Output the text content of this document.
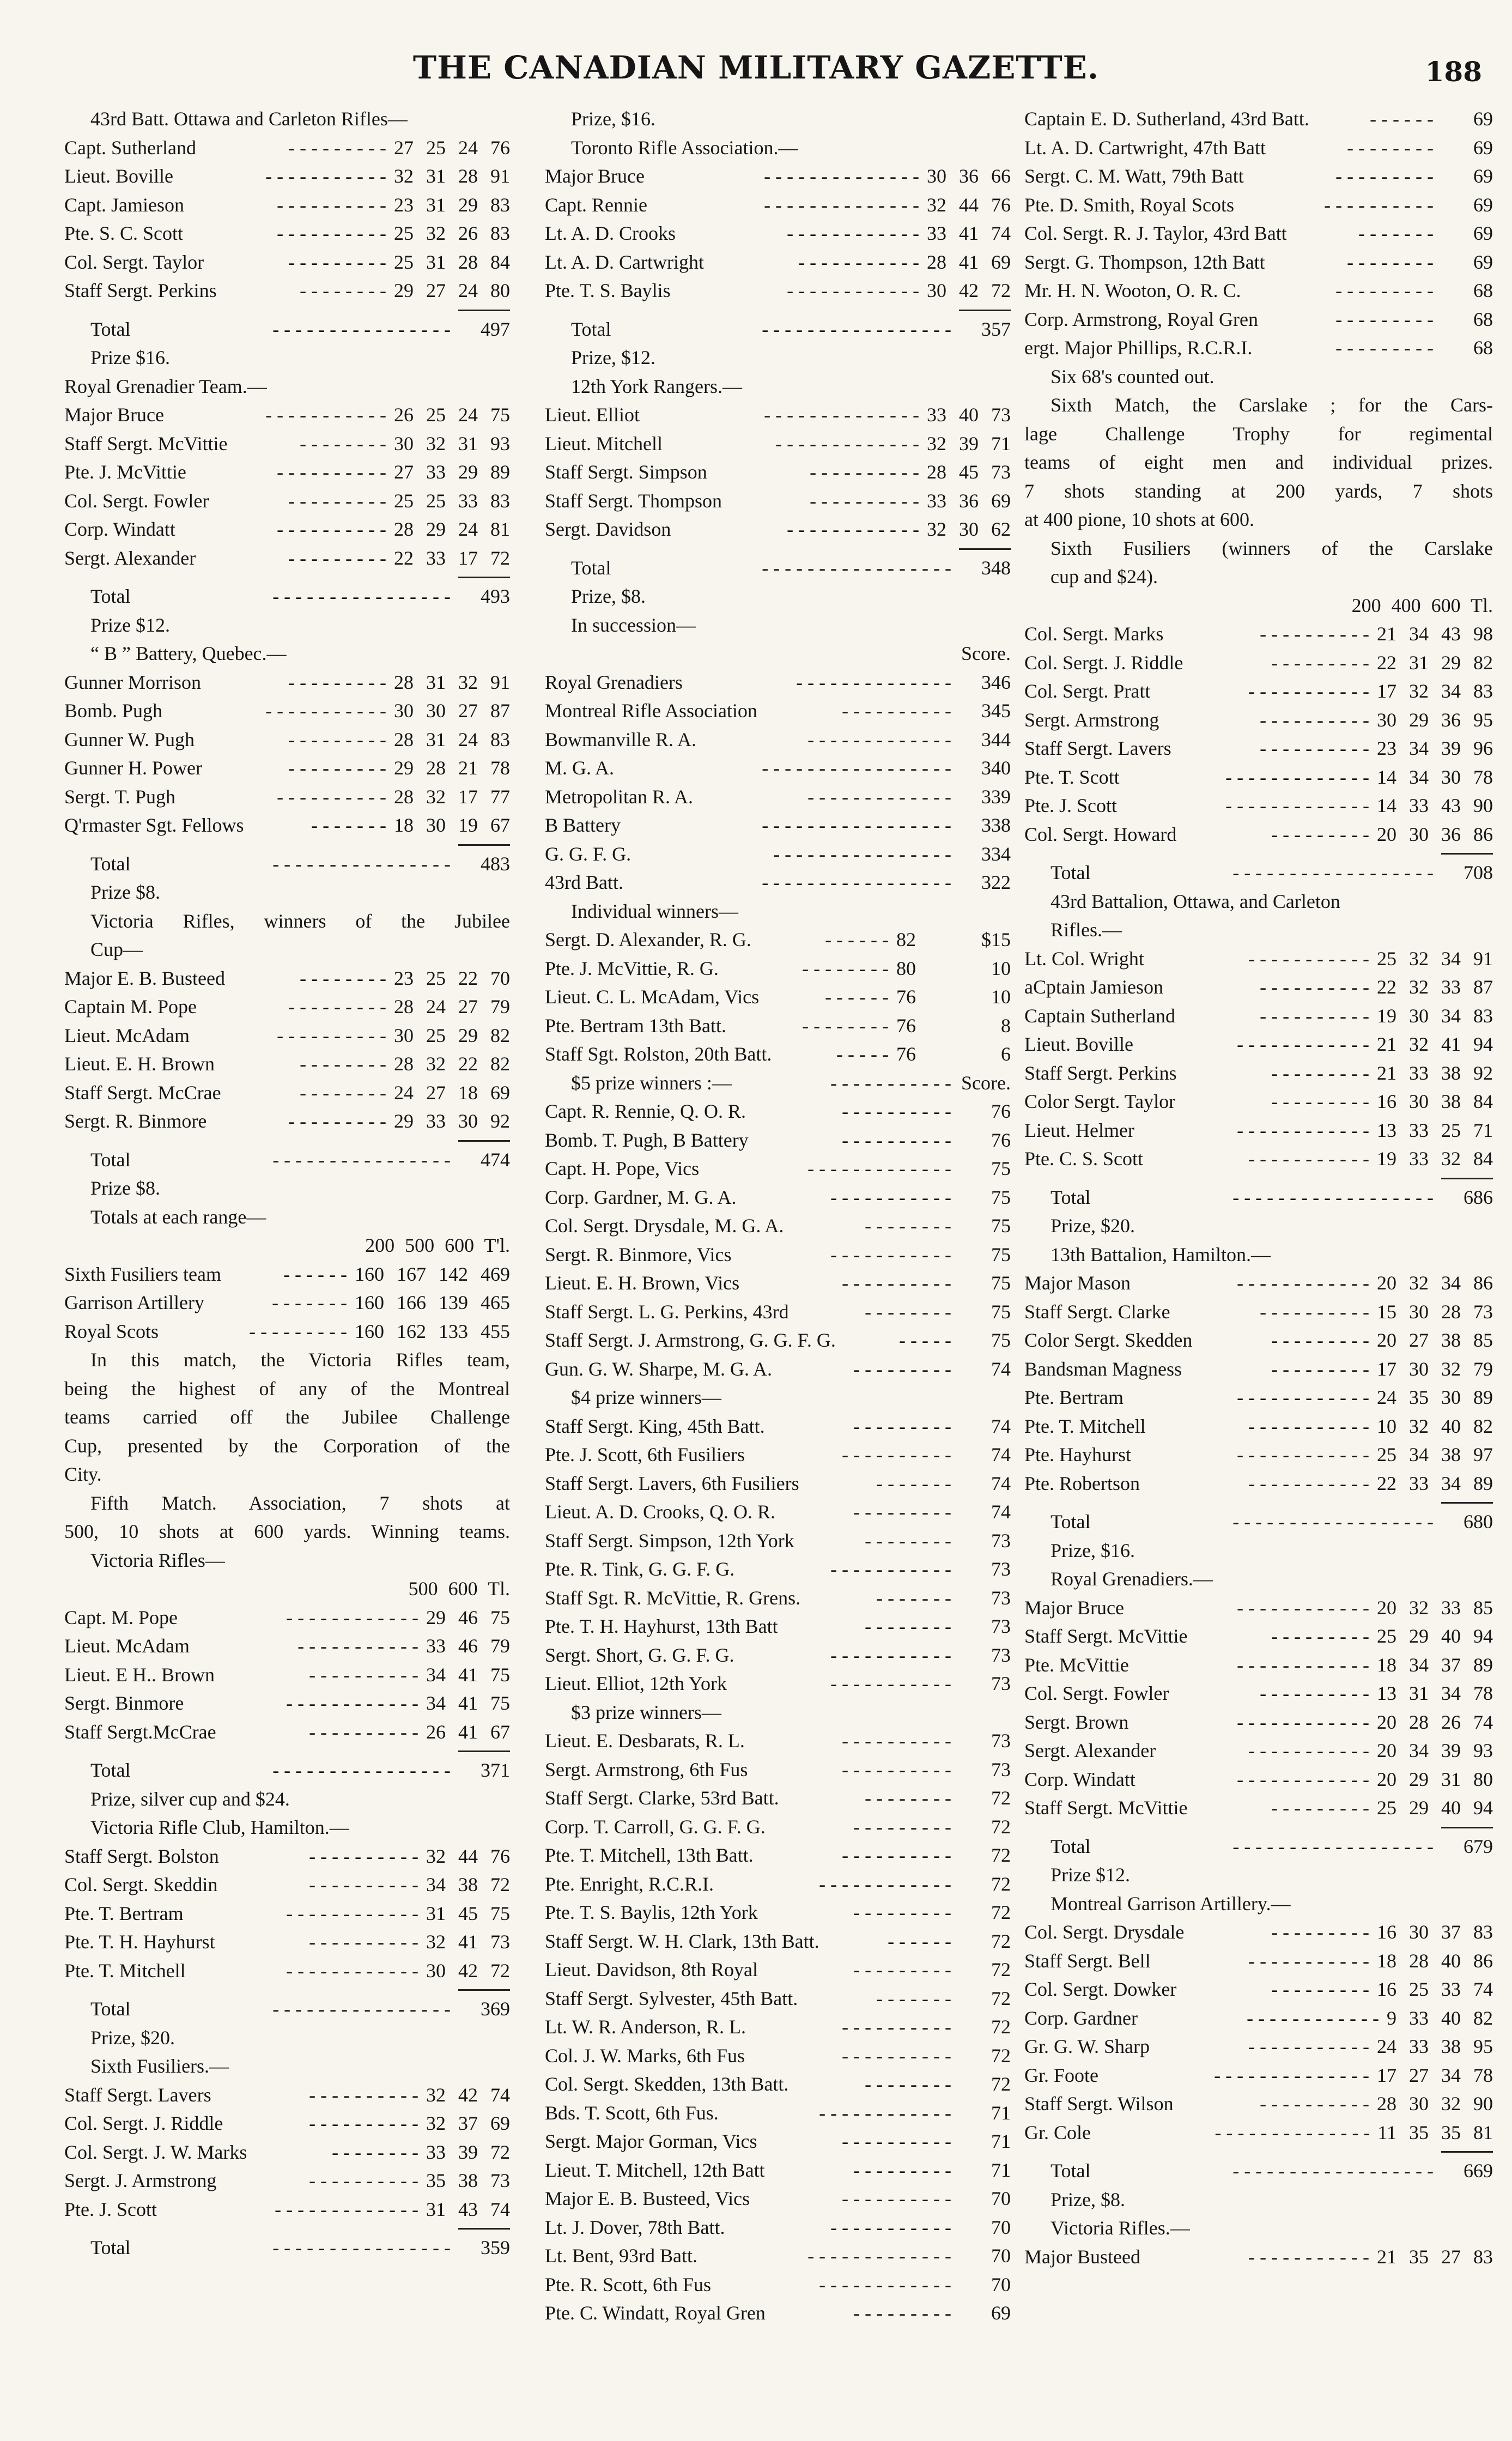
THE CANADIAN MILITARY GAZETTE.	188
43rd Batt. Ottawa and Carleton Rifles—
Capt. Sutherland	- - - - - - - - - 27 25 24 76
Lieut. Boville	- - - - - - - - - - - 32 31 28 91
Capt. Jamieson	- - - - - - - - - - 23 31 29 83
Pte. S. C. Scott	- - - - - - - - - - 25 32 26 83
Col. Sergt. Taylor	- - - - - - - - - 25 31 28 84
Staff Sergt. Perkins	- - - - - - - - 29 27 24 80
Total	- - - - - - - - - - - - - - - -	497
Prize $16.
Royal Grenadier Team.—
Major Bruce	- - - - - - - - - - - 26 25 24 75
Staff Sergt. McVittie	- - - - - - - - 30 32 31 93
Pte. J. McVittie	- - - - - - - - - - 27 33 29 89
Col. Sergt. Fowler	- - - - - - - - - 25 25 33 83
Corp. Windatt	- - - - - - - - - - 28 29 24 81
Sergt. Alexander	- - - - - - - - - 22 33 17 72
Total	- - - - - - - - - - - - - - - -	493
Prize $12.
“ B ” Battery, Quebec.—
Gunner Morrison	- - - - - - - - - 28 31 32 91
Bomb. Pugh	- - - - - - - - - - - 30 30 27 87
Gunner W. Pugh	- - - - - - - - - 28 31 24 83
Gunner H. Power	- - - - - - - - - 29 28 21 78
Sergt. T. Pugh	- - - - - - - - - - 28 32 17 77
Q'rmaster Sgt. Fellows	- - - - - - - 18 30 19 67
Total	- - - - - - - - - - - - - - - -	483
Prize $8.
Victoria Rifles, winners of the Jubilee
Cup—
Major E. B. Busteed	- - - - - - - - 23 25 22 70
Captain M. Pope	- - - - - - - - - 28 24 27 79
Lieut. McAdam	- - - - - - - - - - 30 25 29 82
Lieut. E. H. Brown	- - - - - - - - 28 32 22 82
Staff Sergt. McCrae	- - - - - - - - 24 27 18 69
Sergt. R. Binmore	- - - - - - - - - 29 33 30 92
Total	- - - - - - - - - - - - - - - -	474
Prize $8.
Totals at each range—
200 500 600 T'l.
Sixth Fusiliers team	- - - - - - 160 167 142 469
Garrison Artillery	- - - - - - - 160 166 139 465
Royal Scots	- - - - - - - - - 160 162 133 455
In this match, the Victoria Rifles team,
being the highest of any of the Montreal
teams carried off the Jubilee Challenge
Cup, presented by the Corporation of the
City.
Fifth Match. Association, 7 shots at
500, 10 shots at 600 yards. Winning teams.
Victoria Rifles—
500 600 Tl.
Capt. M. Pope	- - - - - - - - - - - - 29 46 75
Lieut. McAdam	- - - - - - - - - - - 33 46 79
Lieut. E H.. Brown	- - - - - - - - - - 34 41 75
Sergt. Binmore	- - - - - - - - - - - - 34 41 75
Staff Sergt.McCrae	- - - - - - - - - - 26 41 67
Total	- - - - - - - - - - - - - - - -	371
Prize, silver cup and $24.
Victoria Rifle Club, Hamilton.—
Staff Sergt. Bolston	- - - - - - - - - - 32 44 76
Col. Sergt. Skeddin	- - - - - - - - - - 34 38 72
Pte. T. Bertram	- - - - - - - - - - - - 31 45 75
Pte. T. H. Hayhurst	- - - - - - - - - - 32 41 73
Pte. T. Mitchell	- - - - - - - - - - - - 30 42 72
Total	- - - - - - - - - - - - - - - -	369
Prize, $20.
Sixth Fusiliers.—
Staff Sergt. Lavers	- - - - - - - - - - 32 42 74
Col. Sergt. J. Riddle	- - - - - - - - - - 32 37 69
Col. Sergt. J. W. Marks	- - - - - - - - 33 39 72
Sergt. J. Armstrong	- - - - - - - - - - 35 38 73
Pte. J. Scott	- - - - - - - - - - - - - 31 43 74
Total	- - - - - - - - - - - - - - - -	359
Prize, $16.
Toronto Rifle Association.—
Major Bruce	- - - - - - - - - - - - - - 30 36 66
Capt. Rennie	- - - - - - - - - - - - - - 32 44 76
Lt. A. D. Crooks	- - - - - - - - - - - - 33 41 74
Lt. A. D. Cartwright	- - - - - - - - - - - 28 41 69
Pte. T. S. Baylis	- - - - - - - - - - - - 30 42 72
Total	- - - - - - - - - - - - - - - - -	357
Prize, $12.
12th York Rangers.—
Lieut. Elliot	- - - - - - - - - - - - - - 33 40 73
Lieut. Mitchell	- - - - - - - - - - - - - 32 39 71
Staff Sergt. Simpson	- - - - - - - - - - 28 45 73
Staff Sergt. Thompson	- - - - - - - - - - 33 36 69
Sergt. Davidson	- - - - - - - - - - - - 32 30 62
Total	- - - - - - - - - - - - - - - - -	348
Prize, $8.
In succession—
Score.
Royal Grenadiers	- - - - - - - - - - - - - -	346
Montreal Rifle Association	- - - - - - - - - -	345
Bowmanville R. A.	- - - - - - - - - - - - -	344
M. G. A.	- - - - - - - - - - - - - - - - -	340
Metropolitan R. A.	- - - - - - - - - - - - -	339
B Battery	- - - - - - - - - - - - - - - - -	338
G. G. F. G.	- - - - - - - - - - - - - - - -	334
43rd Batt.	- - - - - - - - - - - - - - - - -	322
Individual winners—
Sergt. D. Alexander, R. G.	- - - - - - 82	$15
Pte. J. McVittie, R. G.	- - - - - - - - 80	10
Lieut. C. L. McAdam, Vics	- - - - - - 76	10
Pte. Bertram 13th Batt.	- - - - - - - - 76	8
Staff Sgt. Rolston, 20th Batt.	- - - - - 76	6
$5 prize winners :—	- - - - - - - - - - - Score.
Capt. R. Rennie, Q. O. R.	- - - - - - - - - -	76
Bomb. T. Pugh, B Battery	- - - - - - - - - -	76
Capt. H. Pope, Vics	- - - - - - - - - - - - -	75
Corp. Gardner, M. G. A.	- - - - - - - - - - -	75
Col. Sergt. Drysdale, M. G. A.	- - - - - - - -	75
Sergt. R. Binmore, Vics	- - - - - - - - - - -	75
Lieut. E. H. Brown, Vics	- - - - - - - - - -	75
Staff Sergt. L. G. Perkins, 43rd	- - - - - - - -	75
Staff Sergt. J. Armstrong, G. G. F. G.	- - - - -	75
Gun. G. W. Sharpe, M. G. A.	- - - - - - - - -	74
$4 prize winners—
Staff Sergt. King, 45th Batt.	- - - - - - - - -	74
Pte. J. Scott, 6th Fusiliers	- - - - - - - - - -	74
Staff Sergt. Lavers, 6th Fusiliers	- - - - - - -	74
Lieut. A. D. Crooks, Q. O. R.	- - - - - - - - -	74
Staff Sergt. Simpson, 12th York	- - - - - - - -	73
Pte. R. Tink, G. G. F. G.	- - - - - - - - - - -	73
Staff Sgt. R. McVittie, R. Grens.	- - - - - - -	73
Pte. T. H. Hayhurst, 13th Batt	- - - - - - - -	73
Sergt. Short, G. G. F. G.	- - - - - - - - - - -	73
Lieut. Elliot, 12th York	- - - - - - - - - - -	73
$3 prize winners—
Lieut. E. Desbarats, R. L.	- - - - - - - - - -	73
Sergt. Armstrong, 6th Fus	- - - - - - - - - -	73
Staff Sergt. Clarke, 53rd Batt.	- - - - - - - -	72
Corp. T. Carroll, G. G. F. G.	- - - - - - - - -	72
Pte. T. Mitchell, 13th Batt.	- - - - - - - - - -	72
Pte. Enright, R.C.R.I.	- - - - - - - - - - - -	72
Pte. T. S. Baylis, 12th York	- - - - - - - - -	72
Staff Sergt. W. H. Clark, 13th Batt.	- - - - - -	72
Lieut. Davidson, 8th Royal	- - - - - - - - -	72
Staff Sergt. Sylvester, 45th Batt.	- - - - - - -	72
Lt. W. R. Anderson, R. L.	- - - - - - - - - -	72
Col. J. W. Marks, 6th Fus	- - - - - - - - - -	72
Col. Sergt. Skedden, 13th Batt.	- - - - - - - -	72
Bds. T. Scott, 6th Fus.	- - - - - - - - - - - -	71
Sergt. Major Gorman, Vics	- - - - - - - - - -	71
Lieut. T. Mitchell, 12th Batt	- - - - - - - - -	71
Major E. B. Busteed, Vics	- - - - - - - - - -	70
Lt. J. Dover, 78th Batt.	- - - - - - - - - - -	70
Lt. Bent, 93rd Batt.	- - - - - - - - - - - - -	70
Pte. R. Scott, 6th Fus	- - - - - - - - - - - -	70
Pte. C. Windatt, Royal Gren	- - - - - - - - -	69
Captain E. D. Sutherland, 43rd Batt.	- - - - - -	69
Lt. A. D. Cartwright, 47th Batt	- - - - - - - -	69
Sergt. C. M. Watt, 79th Batt	- - - - - - - - -	69
Pte. D. Smith, Royal Scots	- - - - - - - - - -	69
Col. Sergt. R. J. Taylor, 43rd Batt	- - - - - - -	69
Sergt. G. Thompson, 12th Batt	- - - - - - - -	69
Mr. H. N. Wooton, O. R. C.	- - - - - - - - -	68
Corp. Armstrong, Royal Gren	- - - - - - - - -	68
ergt. Major Phillips, R.C.R.I.	- - - - - - - - -	68
Six 68's counted out.
Sixth Match, the Carslake ; for the Cars-
lage Challenge Trophy for regimental
teams of eight men and individual prizes.
7 shots standing at 200 yards, 7 shots
at 400 pione, 10 shots at 600.
Sixth Fusiliers (winners of the Carslake
cup and $24).
200 400 600 Tl.
Col. Sergt. Marks	- - - - - - - - - - 21 34 43 98
Col. Sergt. J. Riddle	- - - - - - - - - 22 31 29 82
Col. Sergt. Pratt	- - - - - - - - - - - 17 32 34 83
Sergt. Armstrong	- - - - - - - - - - 30 29 36 95
Staff Sergt. Lavers	- - - - - - - - - - 23 34 39 96
Pte. T. Scott	- - - - - - - - - - - - - 14 34 30 78
Pte. J. Scott	- - - - - - - - - - - - - 14 33 43 90
Col. Sergt. Howard	- - - - - - - - - 20 30 36 86
Total	- - - - - - - - - - - - - - - - - -	708
43rd Battalion, Ottawa, and Carleton
Rifles.—
Lt. Col. Wright	- - - - - - - - - - - 25 32 34 91
aCptain Jamieson	- - - - - - - - - - 22 32 33 87
Captain Sutherland	- - - - - - - - - - 19 30 34 83
Lieut. Boville	- - - - - - - - - - - - 21 32 41 94
Staff Sergt. Perkins	- - - - - - - - - 21 33 38 92
Color Sergt. Taylor	- - - - - - - - - 16 30 38 84
Lieut. Helmer	- - - - - - - - - - - - 13 33 25 71
Pte. C. S. Scott	- - - - - - - - - - - 19 33 32 84
Total	- - - - - - - - - - - - - - - - - -	686
Prize, $20.
13th Battalion, Hamilton.—
Major Mason	- - - - - - - - - - - - 20 32 34 86
Staff Sergt. Clarke	- - - - - - - - - - 15 30 28 73
Color Sergt. Skedden	- - - - - - - - - 20 27 38 85
Bandsman Magness	- - - - - - - - - 17 30 32 79
Pte. Bertram	- - - - - - - - - - - - 24 35 30 89
Pte. T. Mitchell	- - - - - - - - - - - 10 32 40 82
Pte. Hayhurst	- - - - - - - - - - - - 25 34 38 97
Pte. Robertson	- - - - - - - - - - - 22 33 34 89
Total	- - - - - - - - - - - - - - - - - -	680
Prize, $16.
Royal Grenadiers.—
Major Bruce	- - - - - - - - - - - - 20 32 33 85
Staff Sergt. McVittie	- - - - - - - - - 25 29 40 94
Pte. McVittie	- - - - - - - - - - - - 18 34 37 89
Col. Sergt. Fowler	- - - - - - - - - - 13 31 34 78
Sergt. Brown	- - - - - - - - - - - - 20 28 26 74
Sergt. Alexander	- - - - - - - - - - - 20 34 39 93
Corp. Windatt	- - - - - - - - - - - - 20 29 31 80
Staff Sergt. McVittie	- - - - - - - - - 25 29 40 94
Total	- - - - - - - - - - - - - - - - - -	679
Prize $12.
Montreal Garrison Artillery.—
Col. Sergt. Drysdale	- - - - - - - - - 16 30 37 83
Staff Sergt. Bell	- - - - - - - - - - - 18 28 40 86
Col. Sergt. Dowker	- - - - - - - - - 16 25 33 74
Corp. Gardner	- - - - - - - - - - - - 9 33 40 82
Gr. G. W. Sharp	- - - - - - - - - - - 24 33 38 95
Gr. Foote	- - - - - - - - - - - - - - 17 27 34 78
Staff Sergt. Wilson	- - - - - - - - - - 28 30 32 90
Gr. Cole	- - - - - - - - - - - - - - 11 35 35 81
Total	- - - - - - - - - - - - - - - - - -	669
Prize, $8.
Victoria Rifles.—
Major Busteed	- - - - - - - - - - - 21 35 27 83
